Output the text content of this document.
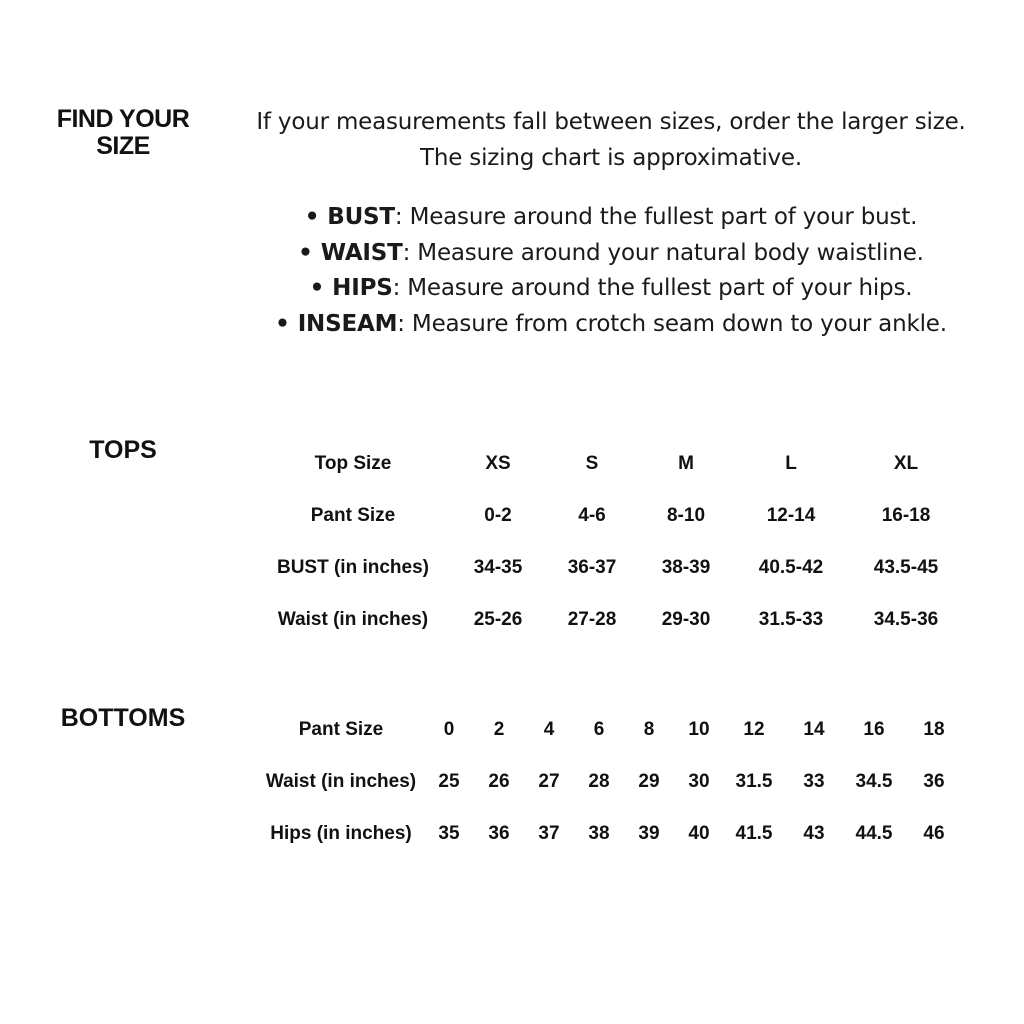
FIND YOUR
SIZE

If your measurements fall between sizes, order the larger size. The sizing chart is approximative.

• BUST: Measure around the fullest part of your bust.
• WAIST: Measure around your natural body waistline.
• HIPS: Measure around the fullest part of your hips.
• INSEAM: Measure from crotch seam down to your ankle.
TOPS	Top Size	XS	S	M	L	XL
Pant Size	0-2	4-6	8-10	12-14	16-18
BUST (in inches)	34-35	36-37	38-39	40.5-42	43.5-45
Waist (in inches)	25-26	27-28	29-30	31.5-33	34.5-36
BOTTOMS	Pant Size	0	2	4	6	8	10	12	14	16	18
Waist (in inches)	25	26	27	28	29	30	31.5	33	34.5	36
Hips (in inches)	35	36	37	38	39	40	41.5	43	44.5	46
